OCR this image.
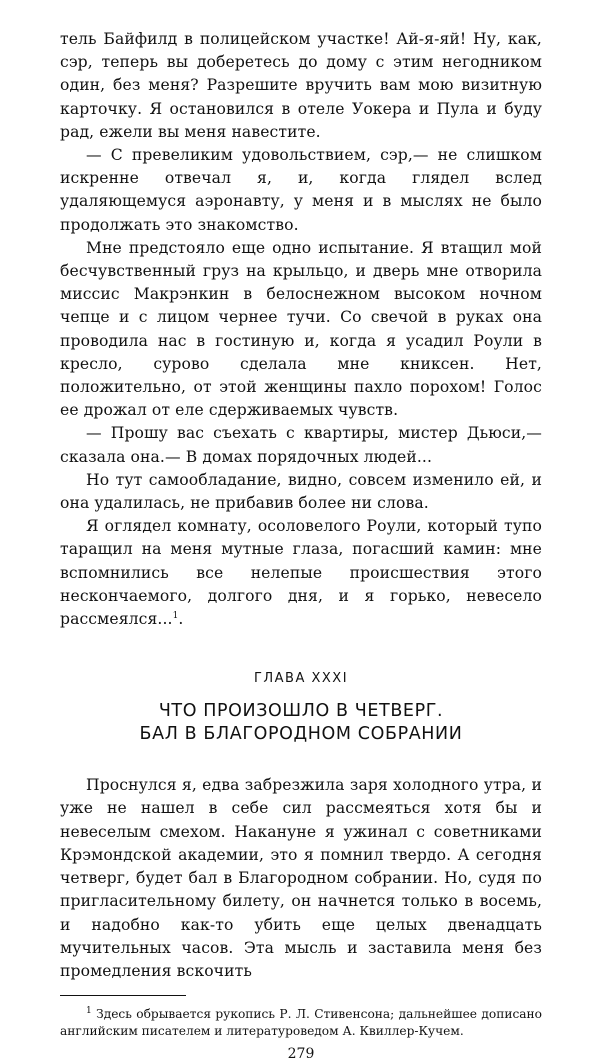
тель Байфилд в полицейском участке! Ай-я-яй! Ну, как, сэр, теперь вы доберетесь до дому с этим негодником один, без меня? Разрешите вручить вам мою визитную карточку. Я остановился в отеле Уокера и Пула и буду рад, ежели вы меня навестите.

— С превеликим удовольствием, сэр,— не слишком искренне отвечал я, и, когда глядел вслед удаляющемуся аэронавту, у меня и в мыслях не было продолжать это знакомство.

Мне предстояло еще одно испытание. Я втащил мой бесчувственный груз на крыльцо, и дверь мне отворила миссис Макрэнкин в белоснежном высоком ночном чепце и с лицом чернее тучи. Со свечой в руках она проводила нас в гостиную и, когда я усадил Роули в кресло, сурово сделала мне книксен. Нет, положительно, от этой женщины пахло порохом! Голос ее дрожал от еле сдерживаемых чувств.

— Прошу вас съехать с квартиры, мистер Дьюси,— сказала она.— В домах порядочных людей...

Но тут самообладание, видно, совсем изменило ей, и она удалилась, не прибавив более ни слова.

Я оглядел комнату, осоловелого Роули, который тупо таращил на меня мутные глаза, погасший камин: мне вспомнились все нелепые происшествия этого нескончаемого, долгого дня, и я горько, невесело рассмеялся...$^1$.

ГЛАВА XXXI
ЧТО ПРОИЗОШЛО В ЧЕТВЕРГ.
БАЛ В БЛАГОРОДНОМ СОБРАНИИ

Проснулся я, едва забрезжила заря холодного утра, и уже не нашел в себе сил рассмеяться хотя бы и невеселым смехом. Накануне я ужинал с советниками Крэмондской академии, это я помнил твердо. А сегодня четверг, будет бал в Благородном собрании. Но, судя по пригласительному билету, он начнется только в восемь, и надобно как-то убить еще целых двенадцать мучительных часов. Эта мысль и заставила меня без промедления вскочить

$^1$ Здесь обрывается рукопись Р. Л. Стивенсона; дальнейшее дописано английским писателем и литературоведом А. Квиллер-Кучем.

279
